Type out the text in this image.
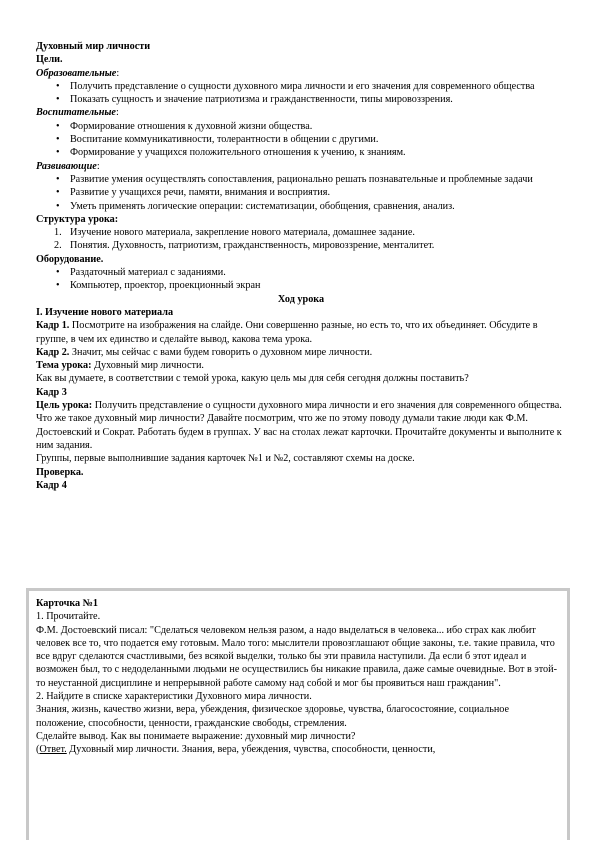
Духовный мир личности

Цели.

Образовательные:

• Получить представление о сущности духовного мира личности и его значения для современного общества
• Показать сущность и значение патриотизма и гражданственности, типы мировоззрения.

Воспитательные:

• Формирование отношения к духовной жизни общества.
• Воспитание коммуникативности, толерантности в общении с другими.
• Формирование у учащихся положительного отношения к учению, к знаниям.

Развивающие:

• Развитие умения осуществлять сопоставления, рационально решать познавательные и проблемные задачи
• Развитие у учащихся речи, памяти, внимания и восприятия.
• Уметь применять логические операции: систематизации, обобщения, сравнения, анализ.

Структура урока:

1. Изучение нового материала, закрепление нового материала, домашнее задание.
2. Понятия. Духовность, патриотизм, гражданственность, мировоззрение, менталитет.

Оборудование.

• Раздаточный материал с заданиями.
• Компьютер, проектор, проекционный экран

Ход урока

I. Изучение нового материала

Кадр 1. Посмотрите на изображения на слайде. Они совершенно разные, но есть то, что их объединяет. Обсудите в группе, в чем их единство и сделайте вывод, какова тема урока.

Кадр 2. Значит, мы сейчас с вами будем говорить о духовном мире личности.

Тема урока: Духовный мир личности.

Как вы думаете, в соответствии с темой урока, какую цель мы для себя сегодня должны поставить?

Кадр 3

Цель урока: Получить представление о сущности духовного мира личности и его значения для современного общества.

Что же такое духовный мир личности? Давайте посмотрим, что же по этому поводу думали такие люди как Ф.М. Достоевский и Сократ. Работать будем в группах. У вас на столах лежат карточки. Прочитайте документы и выполните к ним задания.

Группы, первые выполнившие задания карточек №1 и №2, составляют схемы на доске.

Проверка.

Кадр 4

Карточка №1

1. Прочитайте.

Ф.М. Достоевский писал: "Сделаться человеком нельзя разом, а надо выделаться в человека... ибо страх как любит человек все то, что подается ему готовым. Мало того: мыслители провозглашают общие законы, т.е. такие правила, что все вдруг сделаются счастливыми, без всякой выделки, только бы эти правила наступили. Да если б этот идеал и возможен был, то с недоделанными людьми не осуществились бы никакие правила, даже самые очевидные. Вот в этой- то неустанной дисциплине и непрерывной работе самому над собой и мог бы проявиться наш гражданин".

2. Найдите в списке характеристики Духовного мира личности.

Знания, жизнь, качество жизни, вера, убеждения, физическое здоровье, чувства, благосостояние, социальное положение, способности, ценности, гражданские свободы, стремления.

Сделайте вывод. Как вы понимаете выражение: духовный мир личности?

(Ответ. Духовный мир личности. Знания, вера, убеждения, чувства, способности, ценности,
